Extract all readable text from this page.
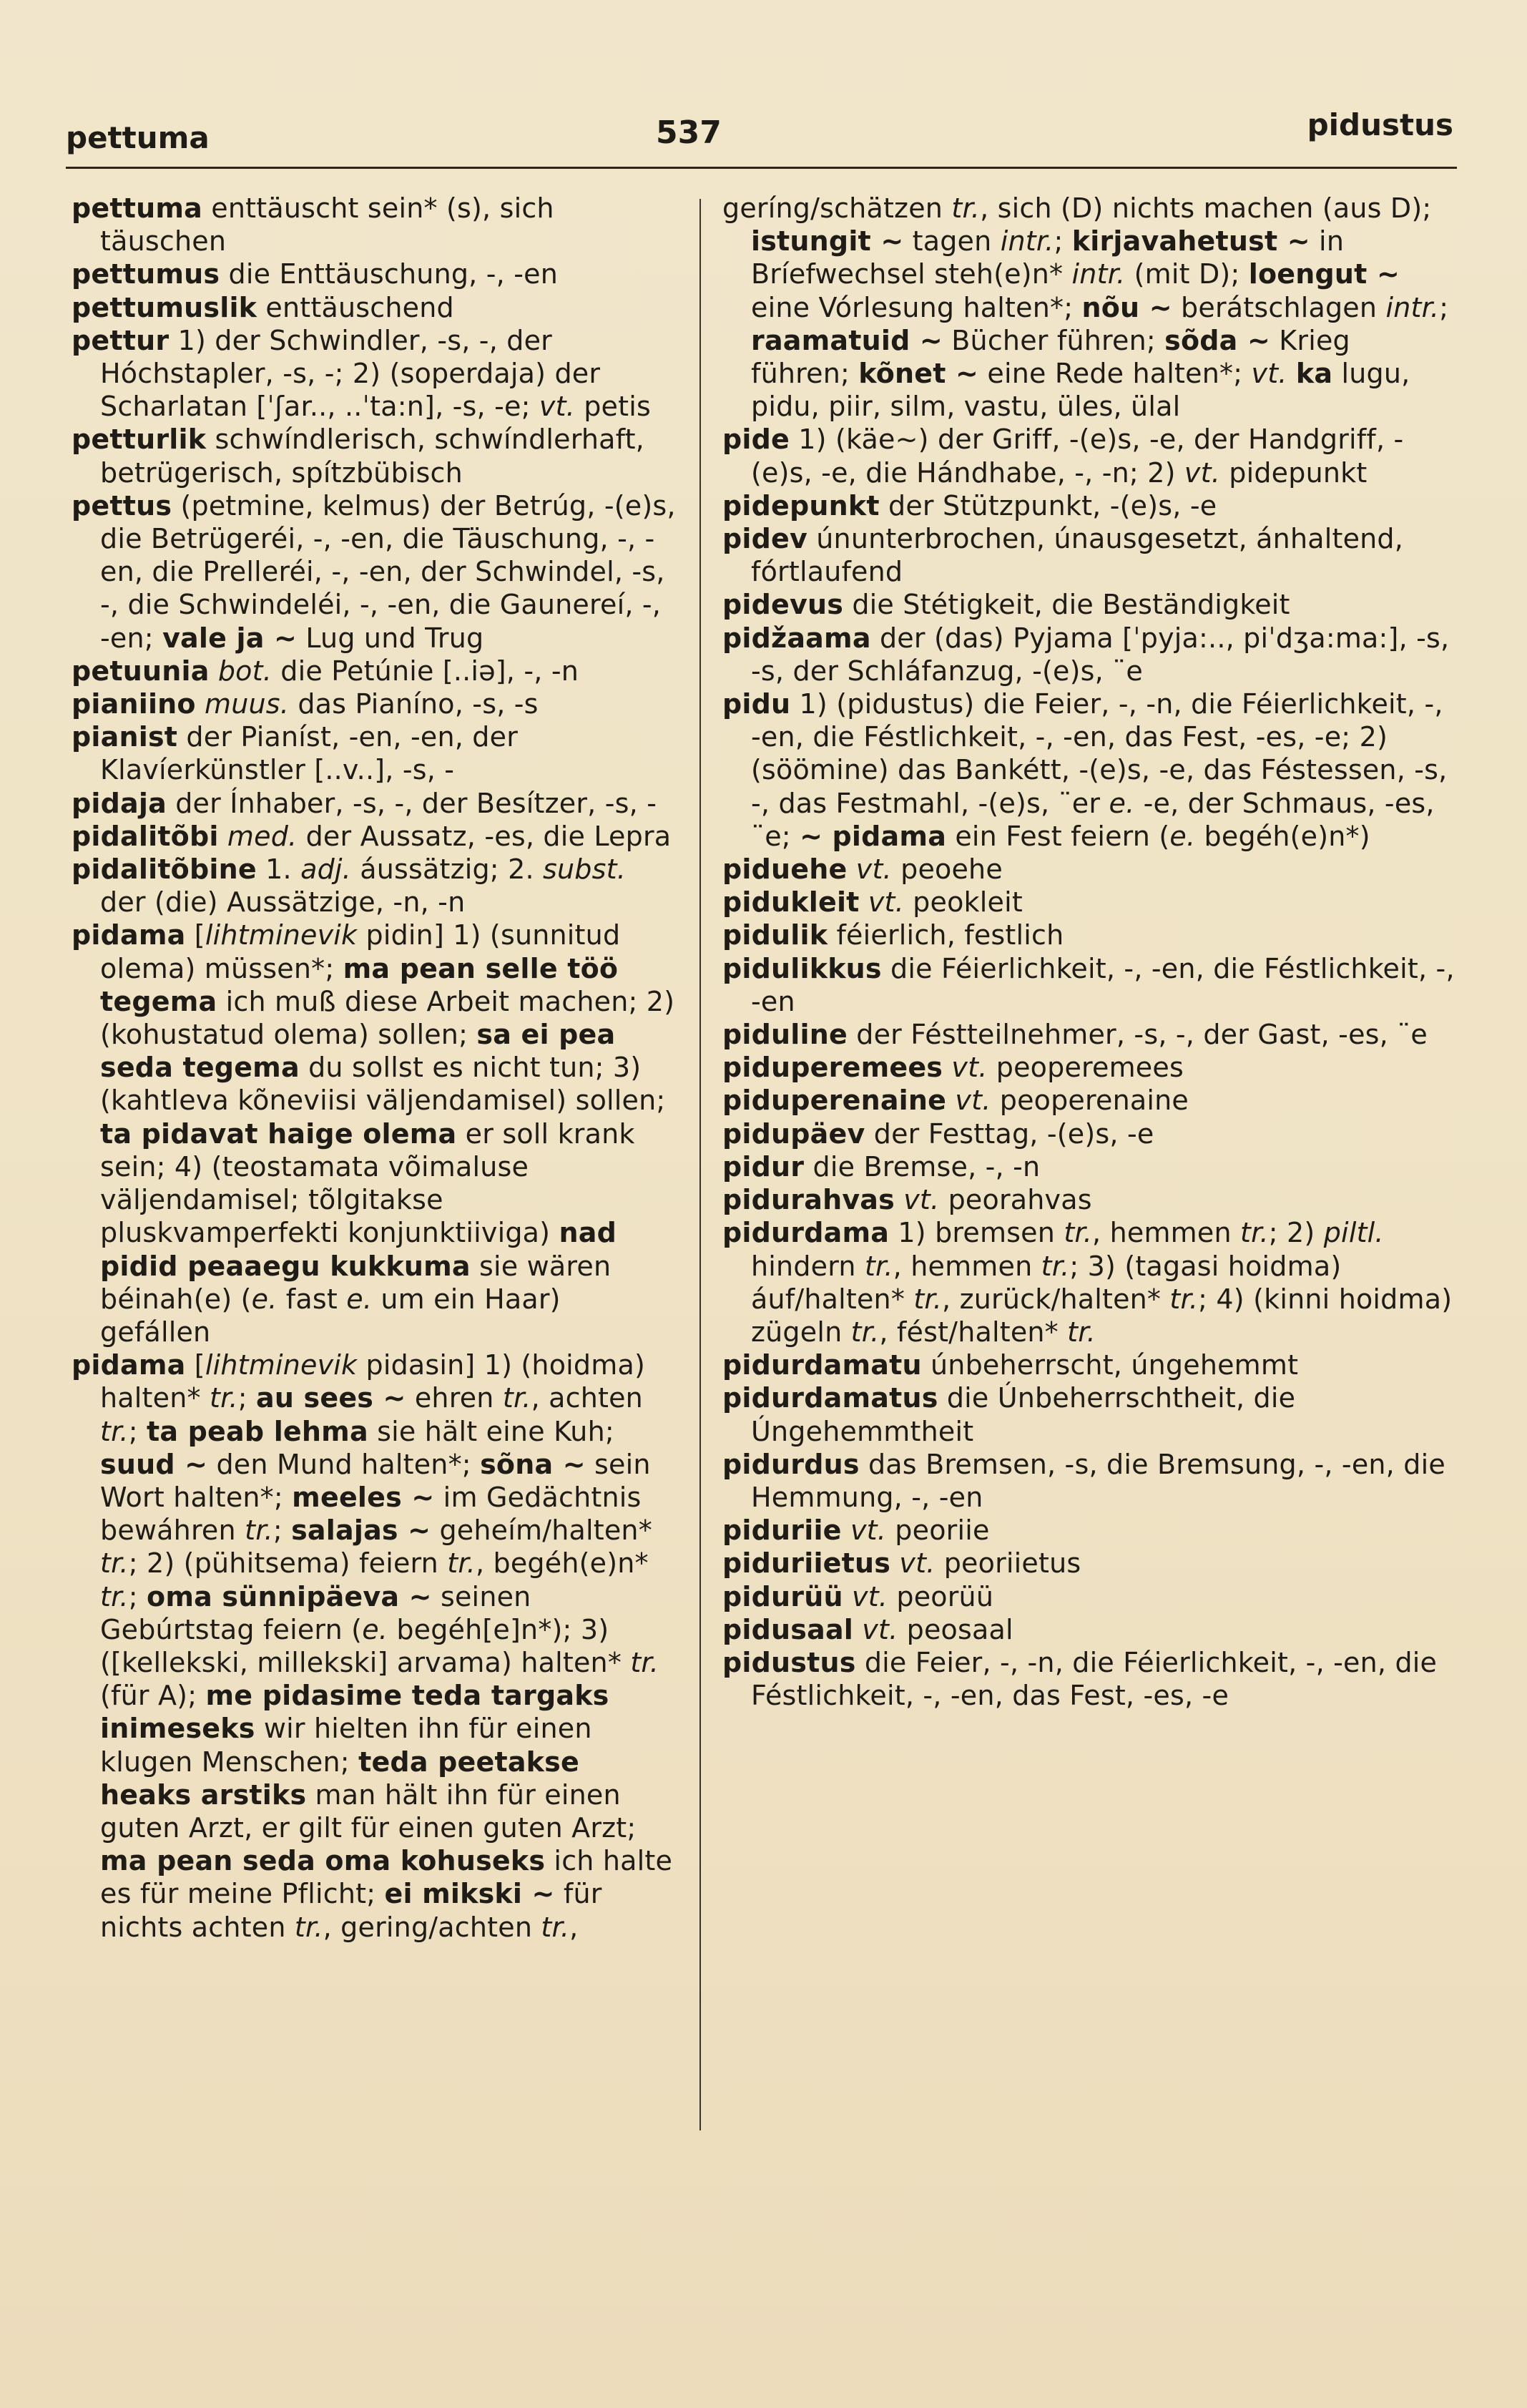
pettuma	537	pidustus

pettuma enttäuscht sein* (s), sich täuschen

pettumus die Enttäuschung, -, -en

pettumuslik enttäuschend

pettur 1) der Schwindler, -s, -, der Hóchstapler, -s, -; 2) (soperdaja) der Scharlatan [ˈʃar.., ..ˈta:n], -s, -e; vt. petis

petturlik schwíndlerisch, schwíndlerhaft, betrügerisch, spítzbübisch

pettus (petmine, kelmus) der Betrúg, -(e)s, die Betrügeréi, -, -en, die Täuschung, -, -en, die Prelleréi, -, -en, der Schwindel, -s, -, die Schwindeléi, -, -en, die Gaunereí, -, -en; vale ja ~ Lug und Trug

petuunia bot. die Petúnie [..iə], -, -n

pianiino muus. das Pianíno, -s, -s

pianist der Pianíst, -en, -en, der Klavíerkünstler [..v..], -s, -

pidaja der Ínhaber, -s, -, der Besítzer, -s, -

pidalitõbi med. der Aussatz, -es, die Lepra

pidalitõbine 1. adj. áussätzig; 2. subst. der (die) Aussätzige, -n, -n

pidama [lihtminevik pidin] 1) (sunnitud olema) müssen*; ma pean selle töö tegema ich muß diese Arbeit machen; 2) (kohustatud olema) sollen; sa ei pea seda tegema du sollst es nicht tun; 3) (kahtleva kõneviisi väljendamisel) sollen; ta pidavat haige olema er soll krank sein; 4) (teostamata võimaluse väljendamisel; tõlgitakse pluskvamperfekti konjunktiiviga) nad pidid peaaegu kukkuma sie wären béinah(e) (e. fast e. um ein Haar) gefállen

pidama [lihtminevik pidasin] 1) (hoidma) halten* tr.; au sees ~ ehren tr., achten tr.; ta peab lehma sie hält eine Kuh; suud ~ den Mund halten*; sõna ~ sein Wort halten*; meeles ~ im Gedächtnis bewáhren tr.; salajas ~ geheím/halten* tr.; 2) (pühitsema) feiern tr., begéh(e)n* tr.; oma sünnipäeva ~ seinen Gebúrtstag feiern (e. begéh[e]n*); 3) ([kellekski, millekski] arvama) halten* tr. (für A); me pidasime teda targaks inimeseks wir hielten ihn für einen klugen Menschen; teda peetakse heaks arstiks man hält ihn für einen guten Arzt, er gilt für einen guten Arzt; ma pean seda oma kohuseks ich halte es für meine Pflicht; ei mikski ~ für nichts achten tr., gering/achten tr.,

geríng/schätzen tr., sich (D) nichts machen (aus D); istungit ~ tagen intr.; kirjavahetust ~ in Bríefwechsel steh(e)n* intr. (mit D); loengut ~ eine Vórlesung halten*; nõu ~ berátschlagen intr.; raamatuid ~ Bücher führen; sõda ~ Krieg führen; kõnet ~ eine Rede halten*; vt. ka lugu, pidu, piir, silm, vastu, üles, ülal

pide 1) (käe~) der Griff, -(e)s, -e, der Handgriff, -(e)s, -e, die Hándhabe, -, -n; 2) vt. pidepunkt

pidepunkt der Stützpunkt, -(e)s, -e

pidev únunterbrochen, únausgesetzt, ánhaltend, fórtlaufend

pidevus die Stétigkeit, die Beständigkeit

pidžaama der (das) Pyjama [ˈpyja:.., piˈdʒa:ma:], -s, -s, der Schláfanzug, -(e)s, ¨e

pidu 1) (pidustus) die Feier, -, -n, die Féierlichkeit, -, -en, die Féstlichkeit, -, -en, das Fest, -es, -e; 2) (söömine) das Bankétt, -(e)s, -e, das Féstessen, -s, -, das Festmahl, -(e)s, ¨er e. -e, der Schmaus, -es, ¨e; ~ pidama ein Fest feiern (e. begéh(e)n*)

piduehe vt. peoehe

pidukleit vt. peokleit

pidulik féierlich, festlich

pidulikkus die Féierlichkeit, -, -en, die Féstlichkeit, -, -en

piduline der Féstteilnehmer, -s, -, der Gast, -es, ¨e

piduperemees vt. peoperemees

piduperenaine vt. peoperenaine

pidupäev der Festtag, -(e)s, -e

pidur die Bremse, -, -n

pidurahvas vt. peorahvas

pidurdama 1) bremsen tr., hemmen tr.; 2) piltl. hindern tr., hemmen tr.; 3) (tagasi hoidma) áuf/halten* tr., zurück/halten* tr.; 4) (kinni hoidma) zügeln tr., fést/halten* tr.

pidurdamatu únbeherrscht, úngehemmt

pidurdamatus die Únbeherrschtheit, die Úngehemmtheit

pidurdus das Bremsen, -s, die Bremsung, -, -en, die Hemmung, -, -en

piduriie vt. peoriie

piduriietus vt. peoriietus

pidurüü vt. peorüü

pidusaal vt. peosaal

pidustus die Feier, -, -n, die Féierlichkeit, -, -en, die Féstlichkeit, -, -en, das Fest, -es, -e
